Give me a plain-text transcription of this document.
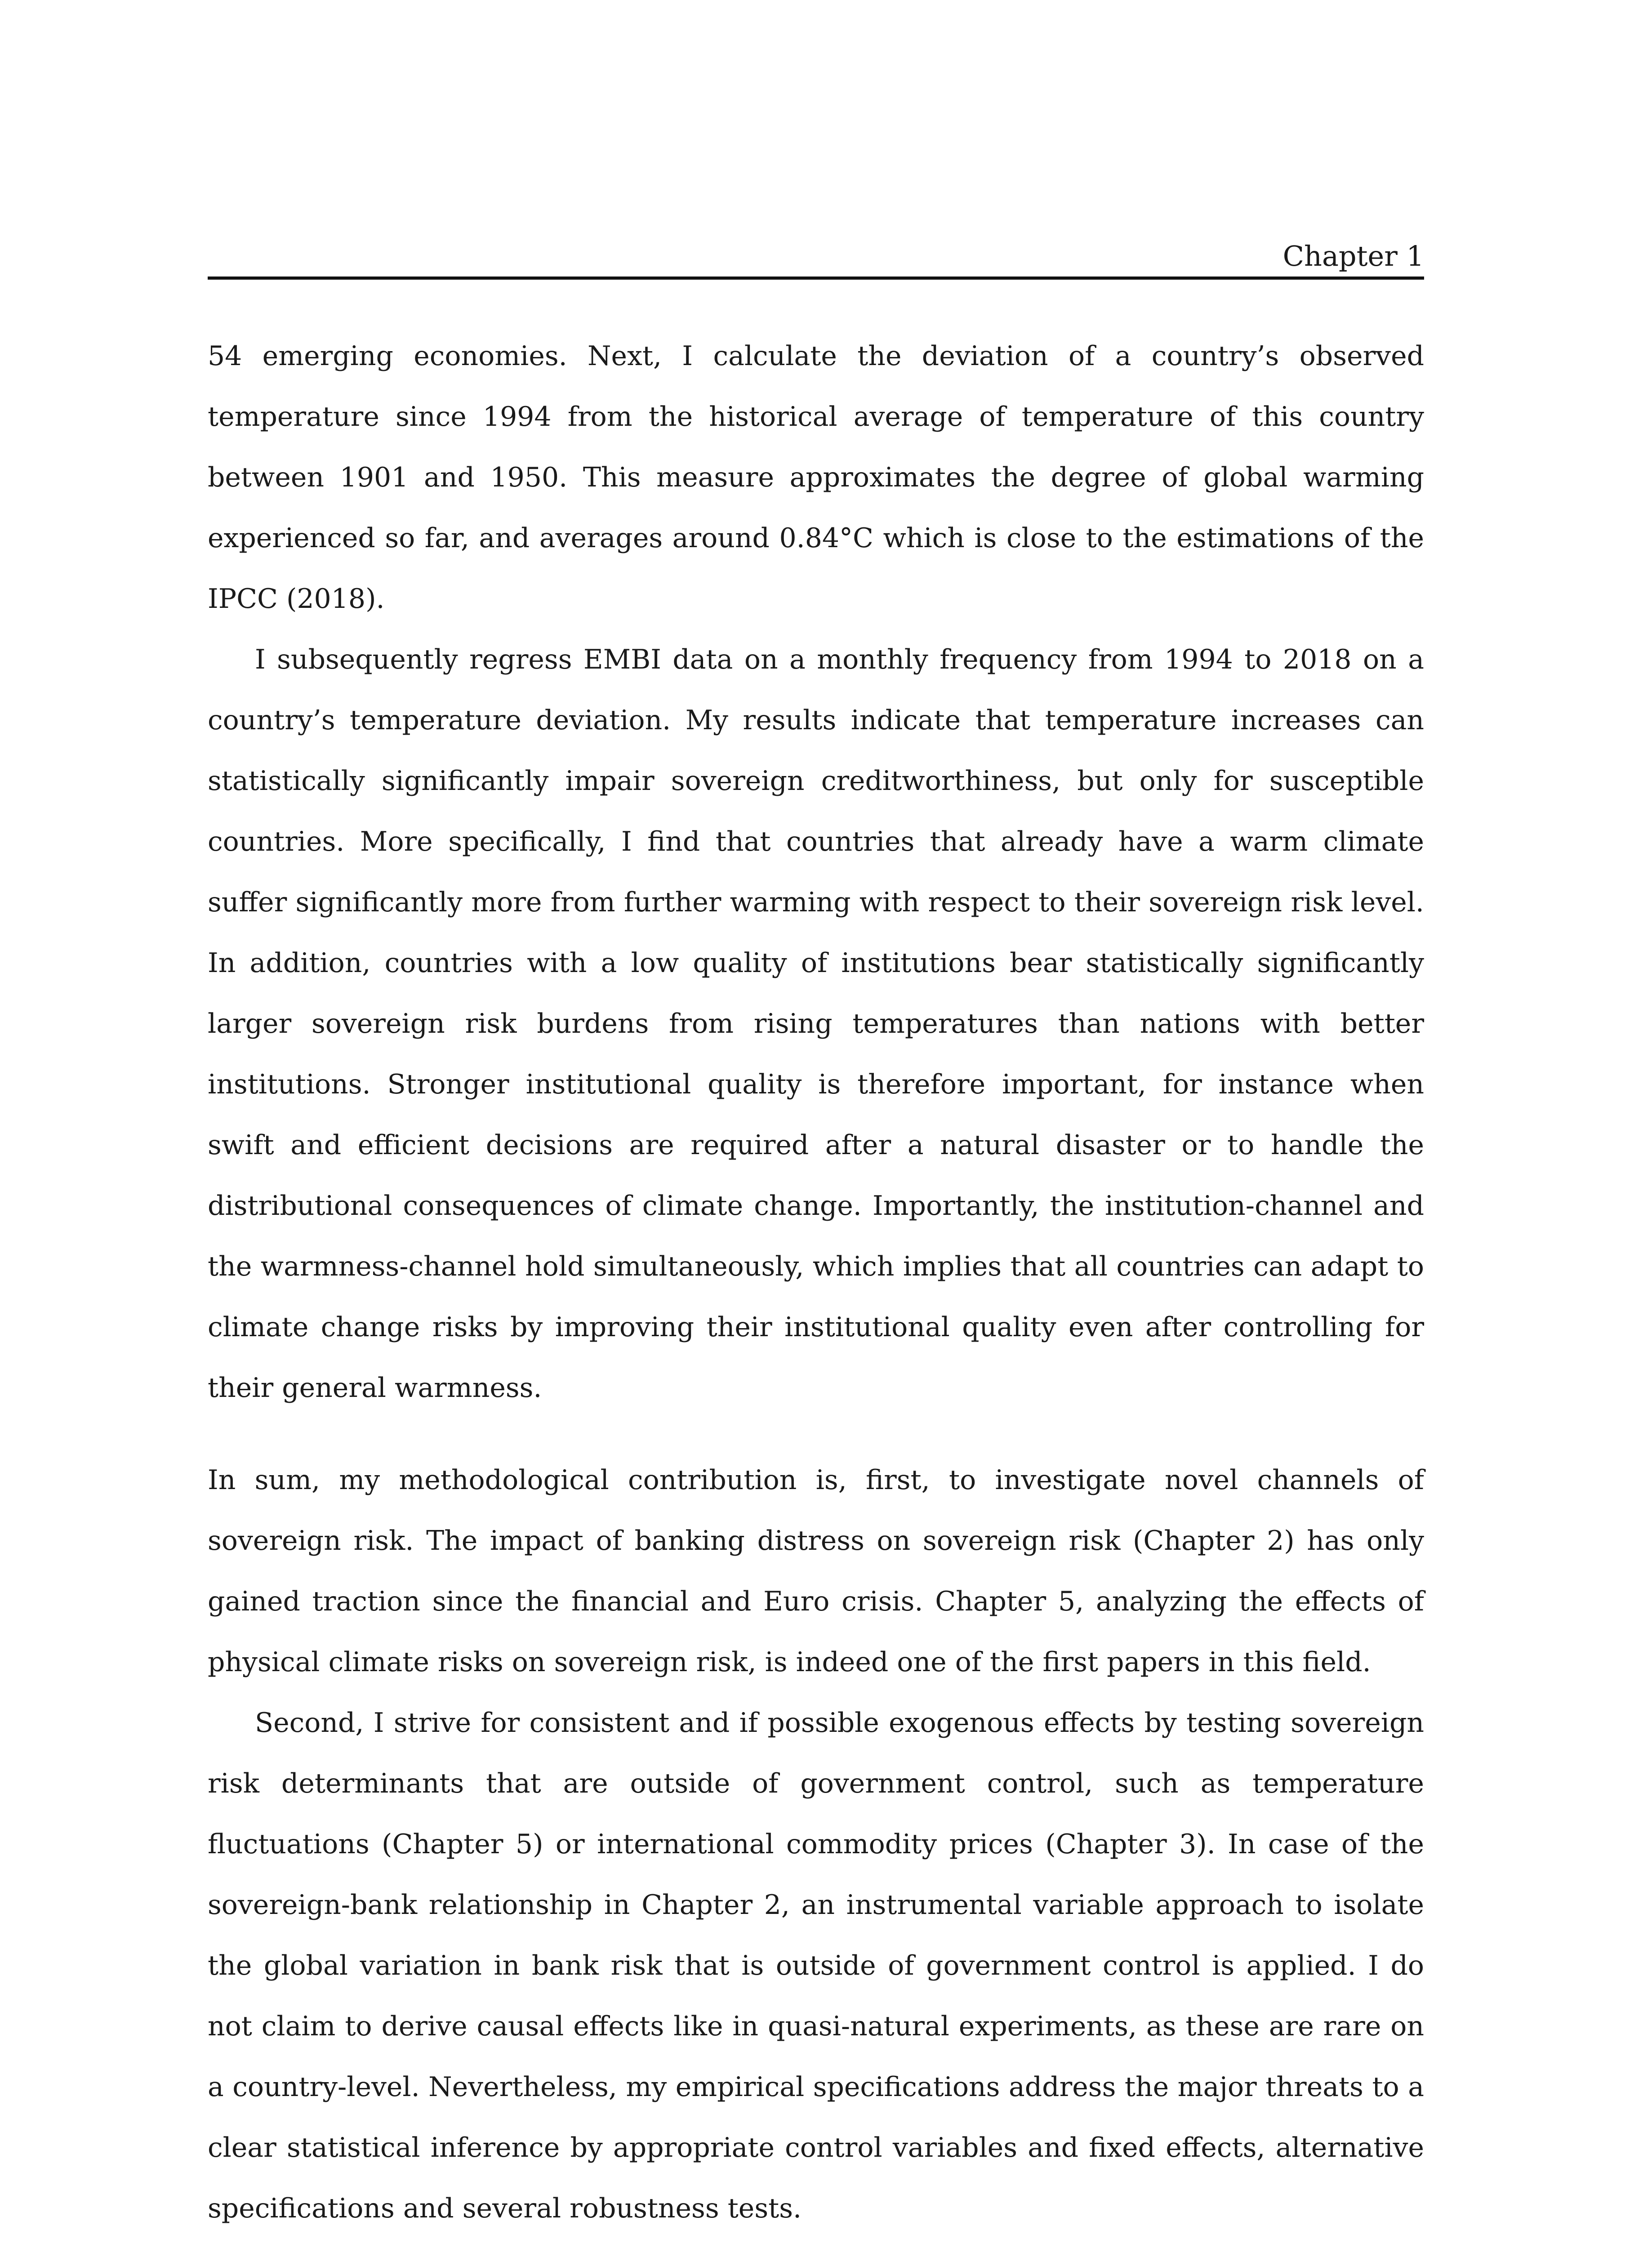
Chapter 1

54 emerging economies. Next, I calculate the deviation of a country’s observed temperature since 1994 from the historical average of temperature of this country between 1901 and 1950. This measure approximates the degree of global warming experienced so far, and averages around 0.84°C which is close to the estimations of the IPCC (2018).

I subsequently regress EMBI data on a monthly frequency from 1994 to 2018 on a country’s temperature deviation. My results indicate that temperature increases can statistically significantly impair sovereign creditworthiness, but only for susceptible countries. More specifically, I find that countries that already have a warm climate suffer significantly more from further warming with respect to their sovereign risk level. In addition, countries with a low quality of institutions bear statistically significantly larger sovereign risk burdens from rising temperatures than nations with better institutions. Stronger institutional quality is therefore important, for instance when swift and efficient decisions are required after a natural disaster or to handle the distributional consequences of climate change. Importantly, the institution-channel and the warmness-channel hold simultaneously, which implies that all countries can adapt to climate change risks by improving their institutional quality even after controlling for their general warmness.

In sum, my methodological contribution is, first, to investigate novel channels of sovereign risk. The impact of banking distress on sovereign risk (Chapter 2) has only gained traction since the financial and Euro crisis. Chapter 5, analyzing the effects of physical climate risks on sovereign risk, is indeed one of the first papers in this field.

Second, I strive for consistent and if possible exogenous effects by testing sovereign risk determinants that are outside of government control, such as temperature fluctuations (Chapter 5) or international commodity prices (Chapter 3). In case of the sovereign-bank relationship in Chapter 2, an instrumental variable approach to isolate the global variation in bank risk that is outside of government control is applied. I do not claim to derive causal effects like in quasi-natural experiments, as these are rare on a country-level. Nevertheless, my empirical specifications address the major threats to a clear statistical inference by appropriate control variables and fixed effects, alternative specifications and several robustness tests.
